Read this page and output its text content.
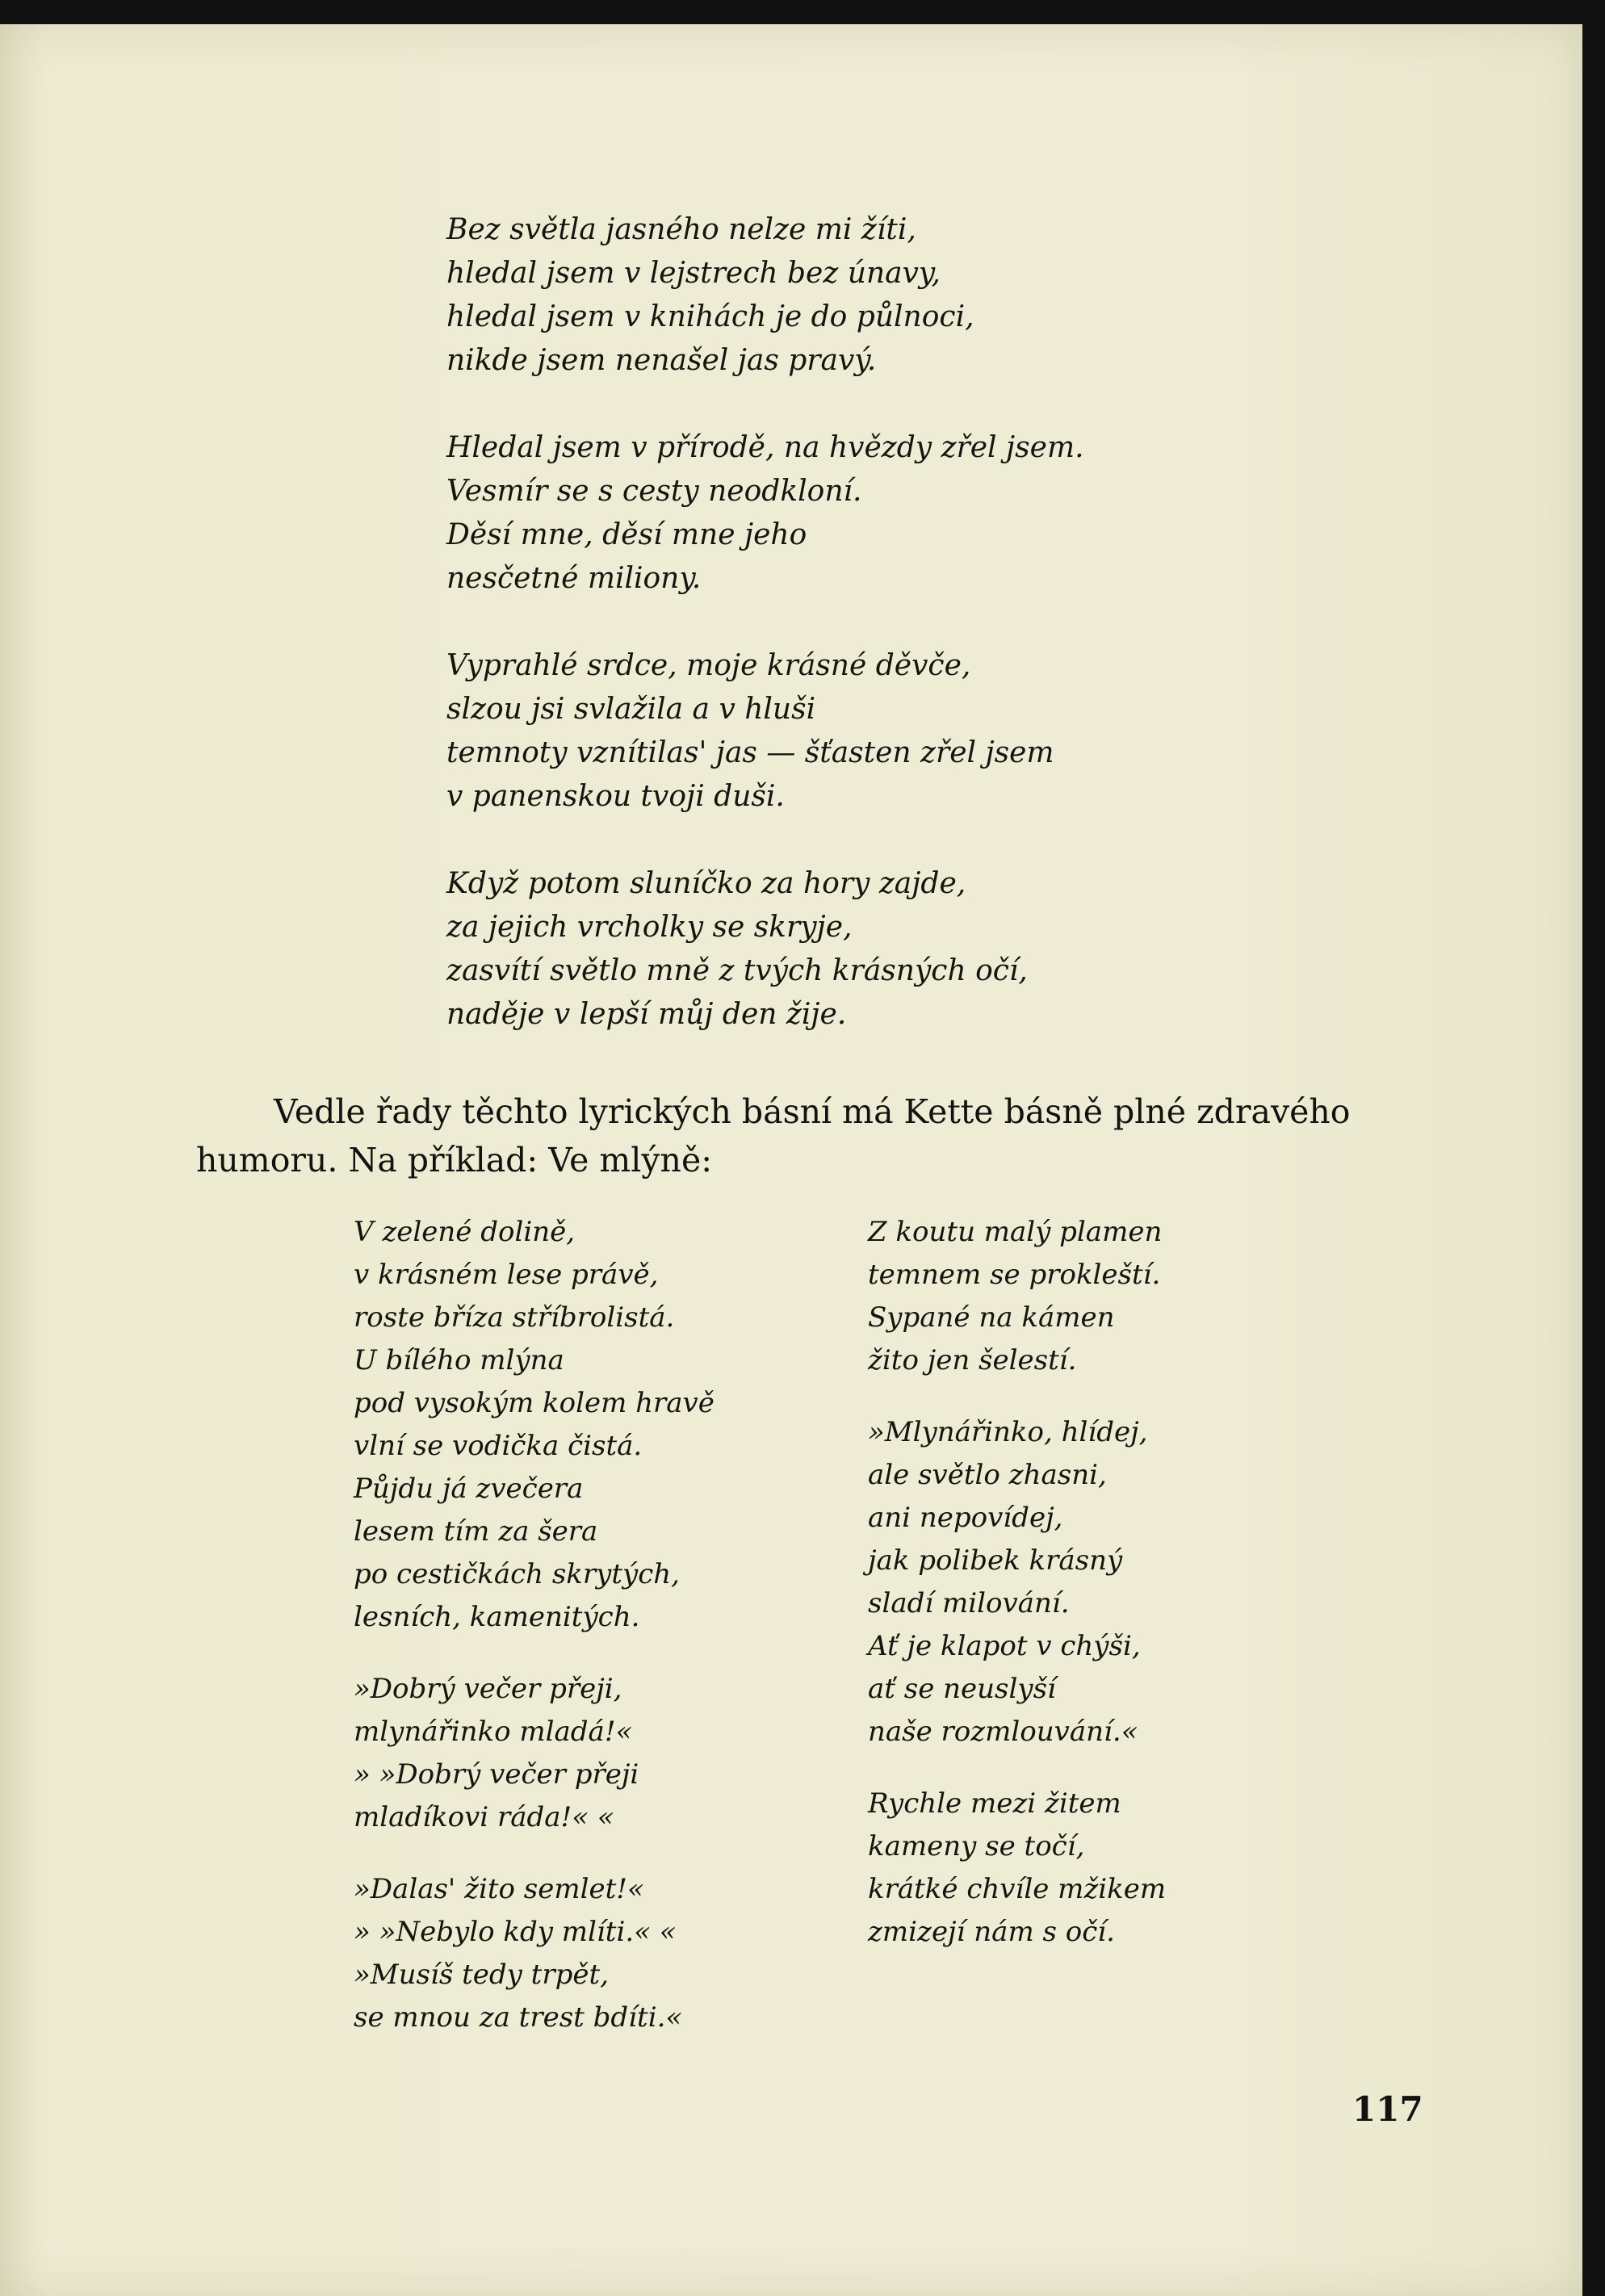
Bez světla jasného nelze mi žíti,
hledal jsem v lejstrech bez únavy,
hledal jsem v knihách je do půlnoci,
nikde jsem nenašel jas pravý.
Hledal jsem v přírodě, na hvězdy zřel jsem.
Vesmír se s cesty neodkloní.
Děsí mne, děsí mne jeho
nesčetné miliony.
Vyprahlé srdce, moje krásné děvče,
slzou jsi svlažila a v hluši
temnoty vznítilas' jas — šťasten zřel jsem
v panenskou tvoji duši.
Když potom sluníčko za hory zajde,
za jejich vrcholky se skryje,
zasvítí světlo mně z tvých krásných očí,
naděje v lepší můj den žije.
Vedle řady těchto lyrických básní má Kette básně plné zdravého
humoru. Na příklad: Ve mlýně:
V zelené dolině,
v krásném lese právě,
roste bříza stříbrolistá.
U bílého mlýna
pod vysokým kolem hravě
vlní se vodička čistá.
Půjdu já zvečera
lesem tím za šera
po cestičkách skrytých,
lesních, kamenitých.
»Dobrý večer přeji,
mlynářinko mladá!«
» »Dobrý večer přeji
mladíkovi ráda!« «
»Dalas' žito semlet!«
» »Nebylo kdy mlíti.« «
»Musíš tedy trpět,
se mnou za trest bdíti.«
Z koutu malý plamen
temnem se prokleští.
Sypané na kámen
žito jen šelestí.
»Mlynářinko, hlídej,
ale světlo zhasni,
ani nepovídej,
jak polibek krásný
sladí milování.
Ať je klapot v chýši,
ať se neuslyší
naše rozmlouvání.«
Rychle mezi žitem
kameny se točí,
krátké chvíle mžikem
zmizejí nám s očí.
117
